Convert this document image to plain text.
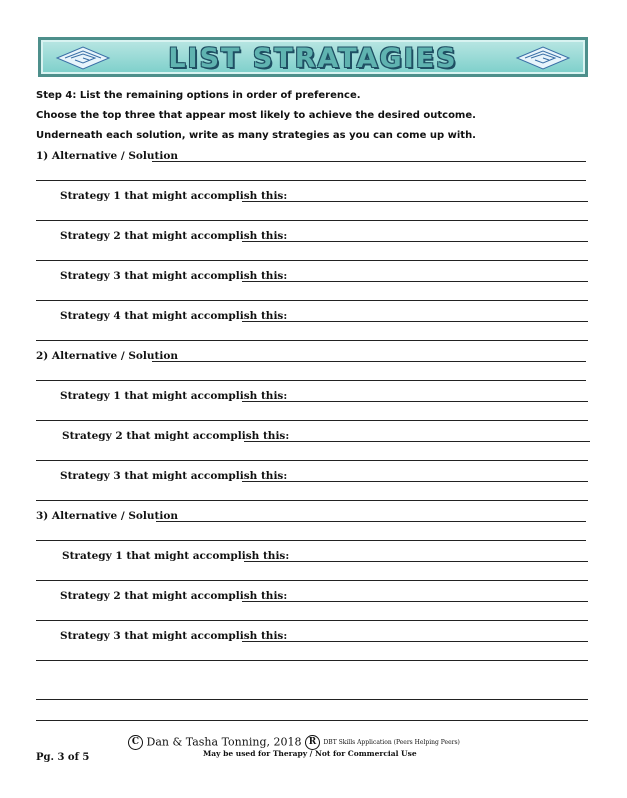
LIST STRATAGIES
Step 4: List the remaining options in order of preference.
Choose the top three that appear most likely to achieve the desired outcome.
Underneath each solution, write as many strategies as you can come up with.
1) Alternative / Solution
Strategy 1 that might accomplish this:
Strategy 2 that might accomplish this:
Strategy 3 that might accomplish this:
Strategy 4 that might accomplish this:
2) Alternative / Solution
Strategy 1 that might accomplish this:
Strategy 2 that might accomplish this:
Strategy 3 that might accomplish this:
3) Alternative / Solution
Strategy 1 that might accomplish this:
Strategy 2 that might accomplish this:
Strategy 3 that might accomplish this:
C Dan & Tasha Tonning, 2018 R DBT Skills Application (Peers Helping Peers)
May be used for Therapy / Not for Commercial Use
Pg. 3 of 5
